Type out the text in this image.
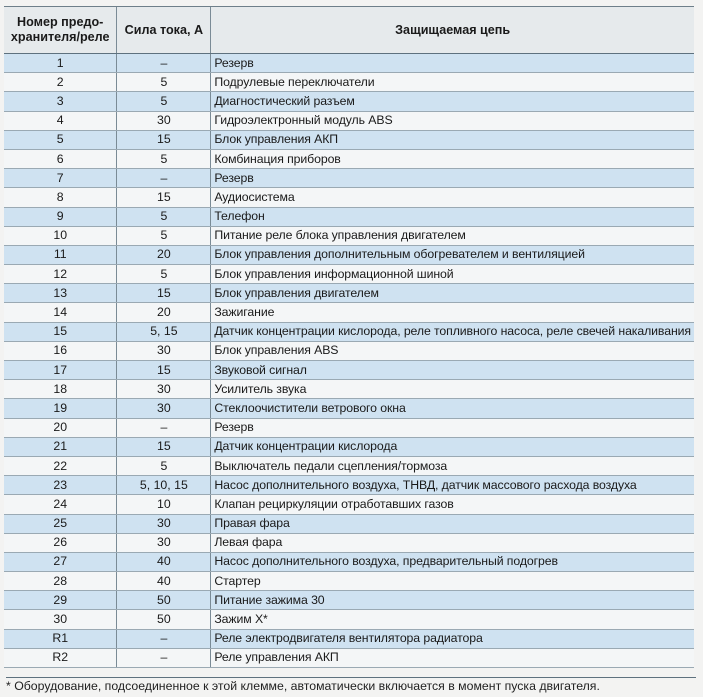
Номер предо-хранителя/реле	Сила тока, А	Защищаемая цепь
1	–	Резерв
2	5	Подрулевые переключатели
3	5	Диагностический разъем
4	30	Гидроэлектронный модуль ABS
5	15	Блок управления АКП
6	5	Комбинация приборов
7	–	Резерв
8	15	Аудиосистема
9	5	Телефон
10	5	Питание реле блока управления двигателем
11	20	Блок управления дополнительным обогревателем и вентиляцией
12	5	Блок управления информационной шиной
13	15	Блок управления двигателем
14	20	Зажигание
15	5, 15	Датчик концентрации кислорода, реле топливного насоса, реле свечей накаливания
16	30	Блок управления ABS
17	15	Звуковой сигнал
18	30	Усилитель звука
19	30	Стеклоочистители ветрового окна
20	–	Резерв
21	15	Датчик концентрации кислорода
22	5	Выключатель педали сцепления/тормоза
23	5, 10, 15	Насос дополнительного воздуха, ТНВД, датчик массового расхода воздуха
24	10	Клапан рециркуляции отработавших газов
25	30	Правая фара
26	30	Левая фара
27	40	Насос дополнительного воздуха, предварительный подогрев
28	40	Стартер
29	50	Питание зажима 30
30	50	Зажим X*
R1	–	Реле электродвигателя вентилятора радиатора
R2	–	Реле управления АКП
* Оборудование, подсоединенное к этой клемме, автоматически включается в момент пуска двигателя.
